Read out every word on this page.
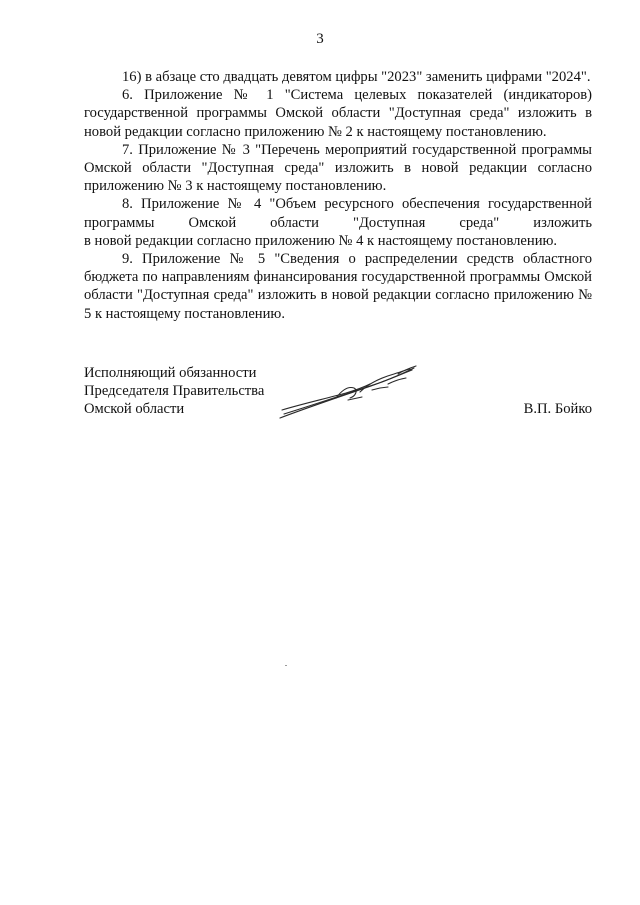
3

16) в абзаце сто двадцать девятом цифры "2023" заменить цифрами "2024".

6. Приложение № 1 "Система целевых показателей (индикаторов) государственной программы Омской области "Доступная среда" изложить в новой редакции согласно приложению № 2 к настоящему постановлению.

7. Приложение № 3 "Перечень мероприятий государственной программы Омской области "Доступная среда" изложить в новой редакции согласно приложению № 3 к настоящему постановлению.

8. Приложение № 4 "Объем ресурсного обеспечения государственной программы Омской области "Доступная среда" изложить
в новой редакции согласно приложению № 4 к настоящему постановлению.

9. Приложение № 5 "Сведения о распределении средств областного бюджета по направлениям финансирования государственной программы Омской области "Доступная среда" изложить в новой редакции согласно приложению № 5 к настоящему постановлению.

Исполняющий обязанности
Председателя Правительства
Омской области	В.П. Бойко
